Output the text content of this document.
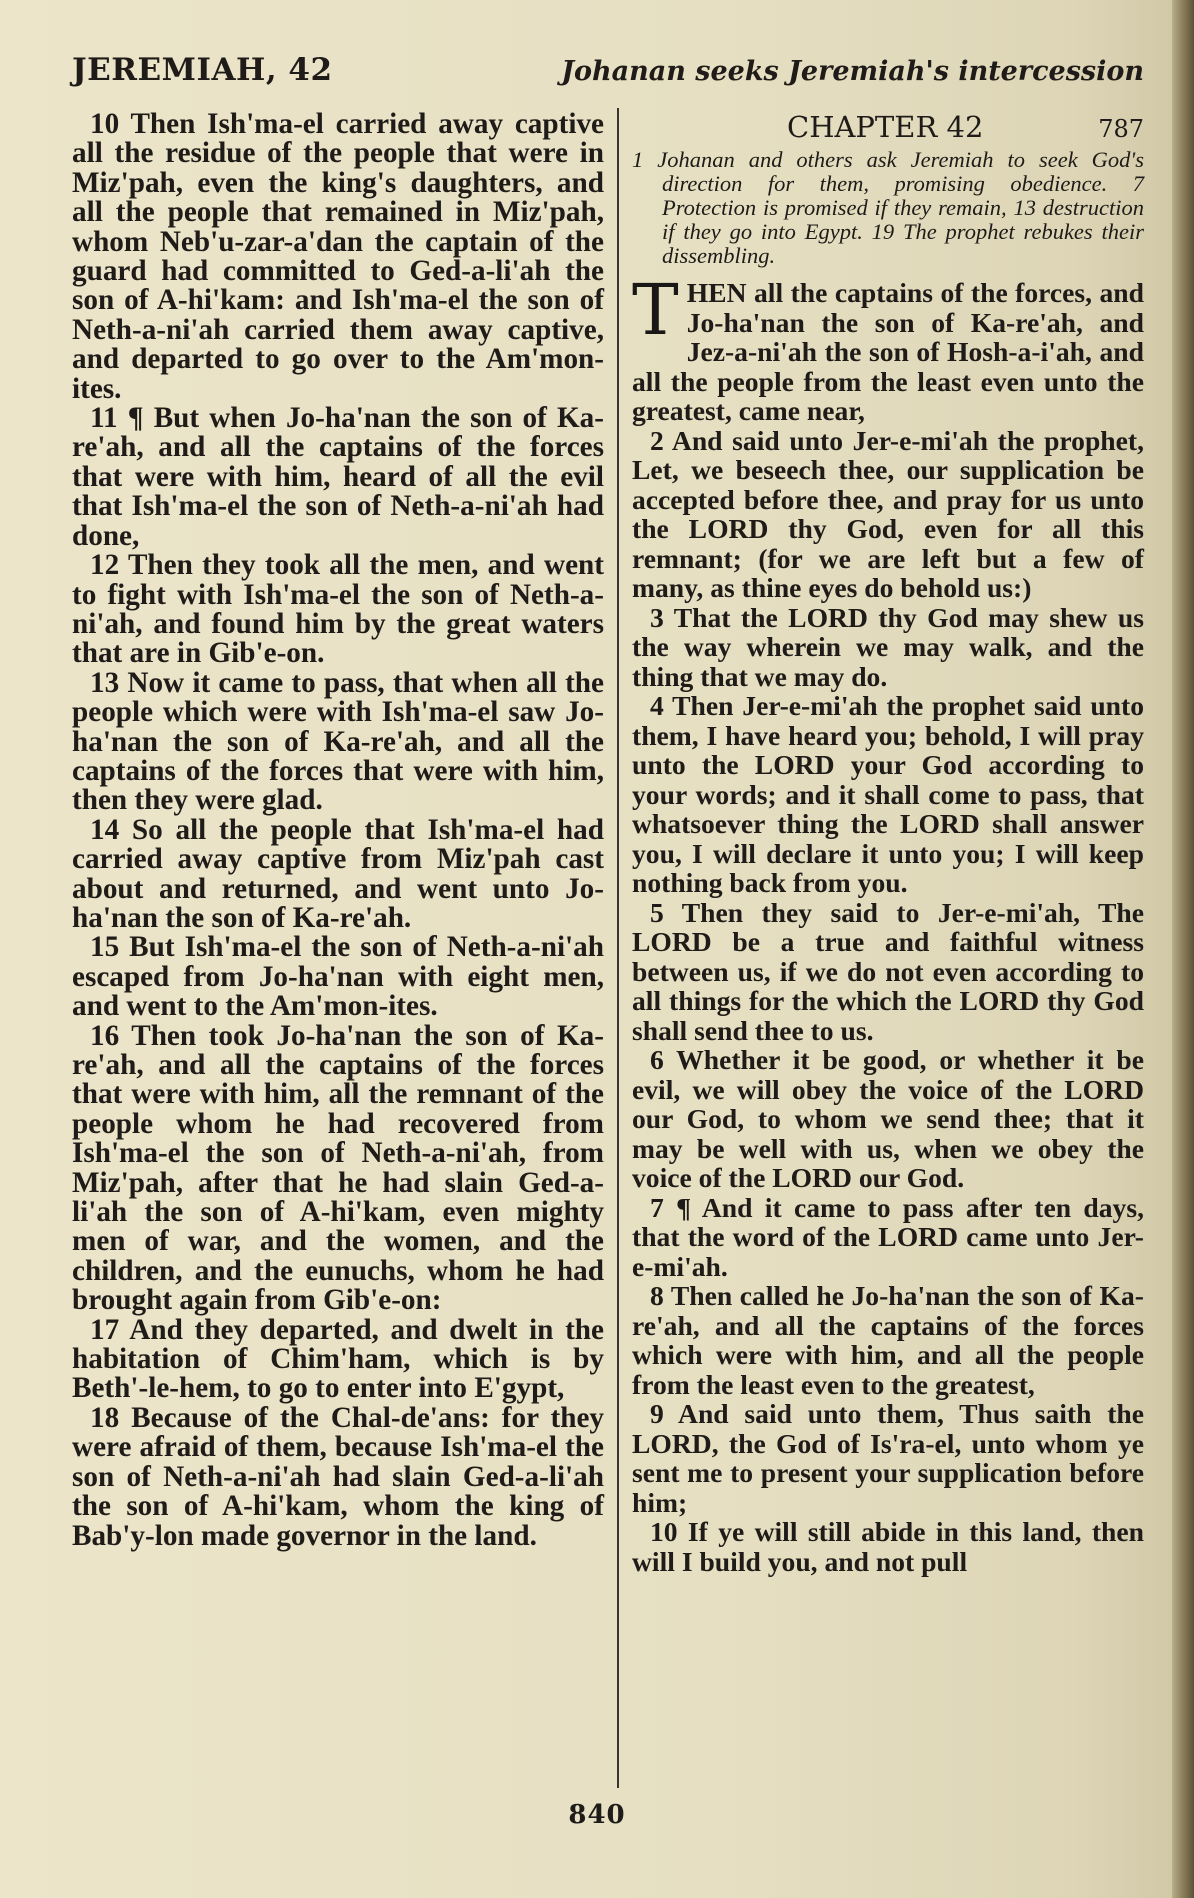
JEREMIAH, 42	Johanan seeks Jeremiah's intercession

10 Then Ish'ma-el carried away captive all the residue of the people that were in Miz'pah, even the king's daughters, and all the people that remained in Miz'pah, whom Neb'u-zar-a'dan the captain of the guard had committed to Ged-a-li'ah the son of A-hi'kam: and Ish'ma-el the son of Neth-a-ni'ah carried them away captive, and departed to go over to the Am'mon-ites.

11 ¶ But when Jo-ha'nan the son of Ka-re'ah, and all the captains of the forces that were with him, heard of all the evil that Ish'ma-el the son of Neth-a-ni'ah had done,

12 Then they took all the men, and went to fight with Ish'ma-el the son of Neth-a-ni'ah, and found him by the great waters that are in Gib'e-on.

13 Now it came to pass, that when all the people which were with Ish'ma-el saw Jo-ha'nan the son of Ka-re'ah, and all the captains of the forces that were with him, then they were glad.

14 So all the people that Ish'ma-el had carried away captive from Miz'pah cast about and returned, and went unto Jo-ha'nan the son of Ka-re'ah.

15 But Ish'ma-el the son of Neth-a-ni'ah escaped from Jo-ha'nan with eight men, and went to the Am'mon-ites.

16 Then took Jo-ha'nan the son of Ka-re'ah, and all the captains of the forces that were with him, all the remnant of the people whom he had recovered from Ish'ma-el the son of Neth-a-ni'ah, from Miz'pah, after that he had slain Ged-a-li'ah the son of A-hi'kam, even mighty men of war, and the women, and the children, and the eunuchs, whom he had brought again from Gib'e-on:

17 And they departed, and dwelt in the habitation of Chim'ham, which is by Beth'-le-hem, to go to enter into E'gypt,

18 Because of the Chal-de'ans: for they were afraid of them, because Ish'ma-el the son of Neth-a-ni'ah had slain Ged-a-li'ah the son of A-hi'kam, whom the king of Bab'y-lon made governor in the land.

CHAPTER 42	787

1 Johanan and others ask Jeremiah to seek God's direction for them, promising obedience. 7 Protection is promised if they remain, 13 destruction if they go into Egypt. 19 The prophet rebukes their dissembling.

T HEN all the captains of the forces, and Jo-ha'nan the son of Ka-re'ah, and Jez-a-ni'ah the son of Hosh-a-i'ah, and all the people from the least even unto the greatest, came near,

2 And said unto Jer-e-mi'ah the prophet, Let, we beseech thee, our supplication be accepted before thee, and pray for us unto the LORD thy God, even for all this remnant; (for we are left but a few of many, as thine eyes do behold us:)

3 That the LORD thy God may shew us the way wherein we may walk, and the thing that we may do.

4 Then Jer-e-mi'ah the prophet said unto them, I have heard you; behold, I will pray unto the LORD your God according to your words; and it shall come to pass, that whatsoever thing the LORD shall answer you, I will declare it unto you; I will keep nothing back from you.

5 Then they said to Jer-e-mi'ah, The LORD be a true and faithful witness between us, if we do not even according to all things for the which the LORD thy God shall send thee to us.

6 Whether it be good, or whether it be evil, we will obey the voice of the LORD our God, to whom we send thee; that it may be well with us, when we obey the voice of the LORD our God.

7 ¶ And it came to pass after ten days, that the word of the LORD came unto Jer-e-mi'ah.

8 Then called he Jo-ha'nan the son of Ka-re'ah, and all the captains of the forces which were with him, and all the people from the least even to the greatest,

9 And said unto them, Thus saith the LORD, the God of Is'ra-el, unto whom ye sent me to present your supplication before him;

10 If ye will still abide in this land, then will I build you, and not pull

840
